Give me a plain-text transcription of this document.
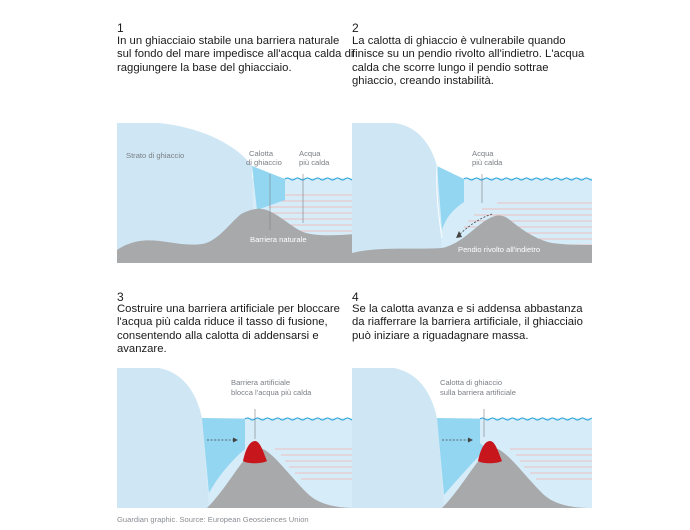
1
In un ghiacciaio stabile una barriera naturale sul fondo del mare impedisce all'acqua calda di raggiungere la base del ghiacciaio.
Strato di ghiaccio	Calotta di ghiaccio
Acqua più calda
Barriera naturale
2
La calotta di ghiaccio è vulnerabile quando finisce su un pendio rivolto all'indietro. L'acqua calda che scorre lungo il pendio sottrae ghiaccio, creando instabilità.
Acqua più calda
Pendio rivolto all'indietro
3
Costruire una barriera artificiale per bloccare l'acqua più calda riduce il tasso di fusione, consentendo alla calotta di addensarsi e avanzare.
Barriera artificiale blocca l'acqua più calda
4
Se la calotta avanza e si addensa abbastanza da riafferrare la barriera artificiale, il ghiacciaio può iniziare a riguadagnare massa.
Calotta di ghiaccio sulla barriera artificiale
Guardian graphic. Source: European Geosciences Union
